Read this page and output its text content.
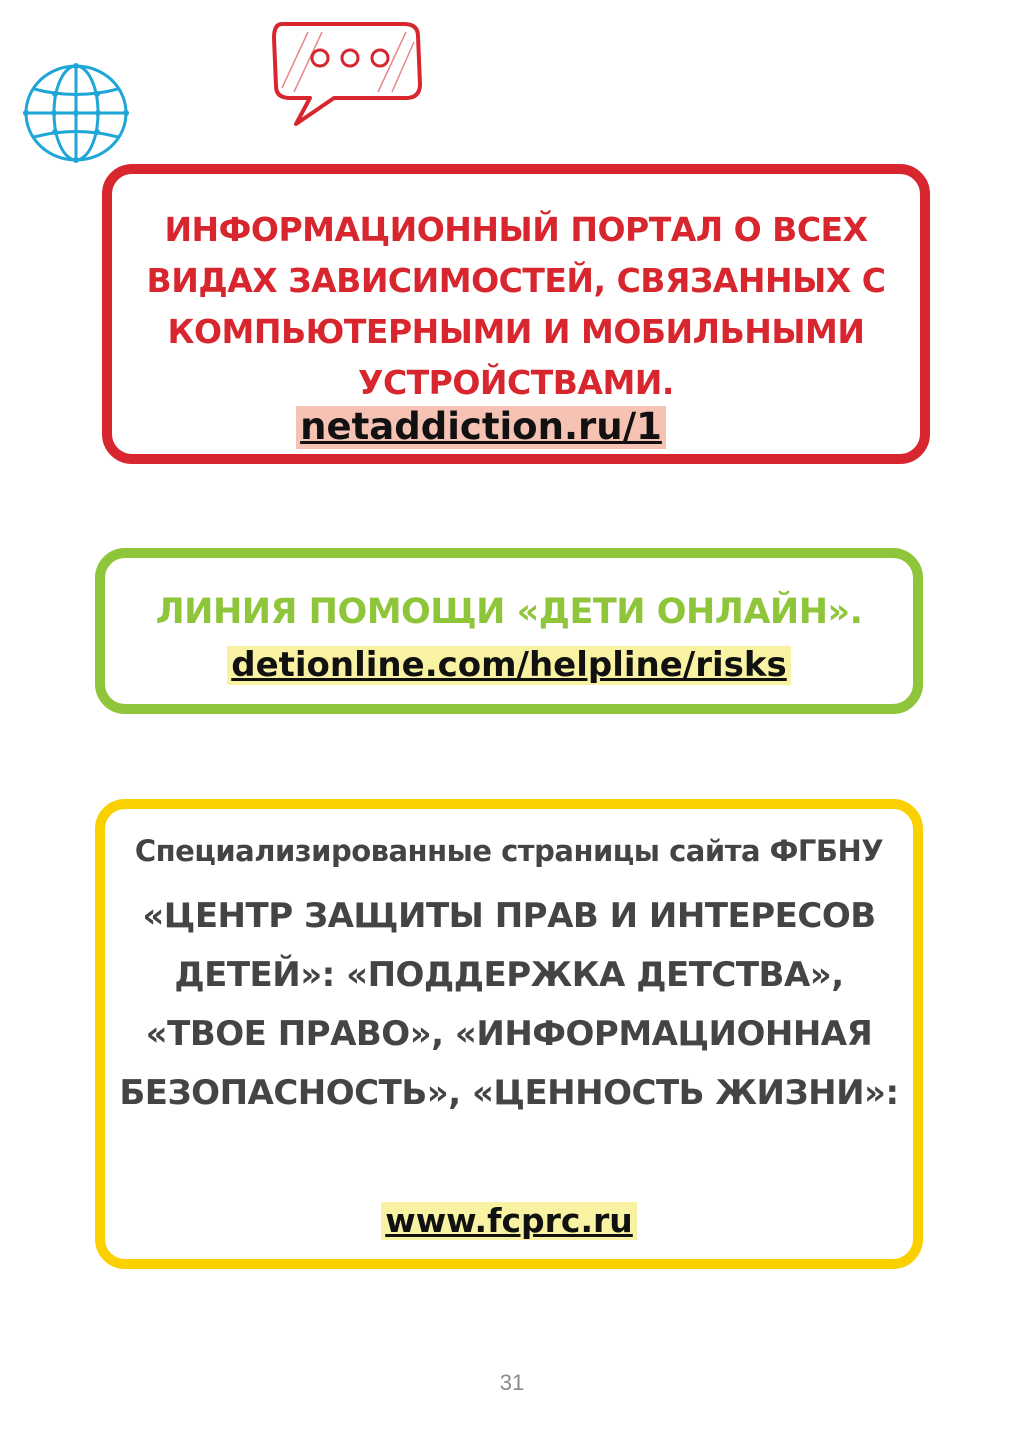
ИНФОРМАЦИОННЫЙ ПОРТАЛ О ВСЕХ ВИДАХ ЗАВИСИМОСТЕЙ, СВЯЗАННЫХ С КОМПЬЮТЕРНЫМИ И МОБИЛЬНЫМИ УСТРОЙСТВАМИ.
netaddiction.ru/1
ЛИНИЯ ПОМОЩИ «ДЕТИ ОНЛАЙН».
detionline.com/helpline/risks
Специализированные страницы сайта ФГБНУ
«ЦЕНТР ЗАЩИТЫ ПРАВ И ИНТЕРЕСОВ ДЕТЕЙ»: «ПОДДЕРЖКА ДЕТСТВА», «ТВОЕ ПРАВО», «ИНФОРМАЦИОННАЯ БЕЗОПАСНОСТЬ», «ЦЕННОСТЬ ЖИЗНИ»:
www.fcprc.ru
31
